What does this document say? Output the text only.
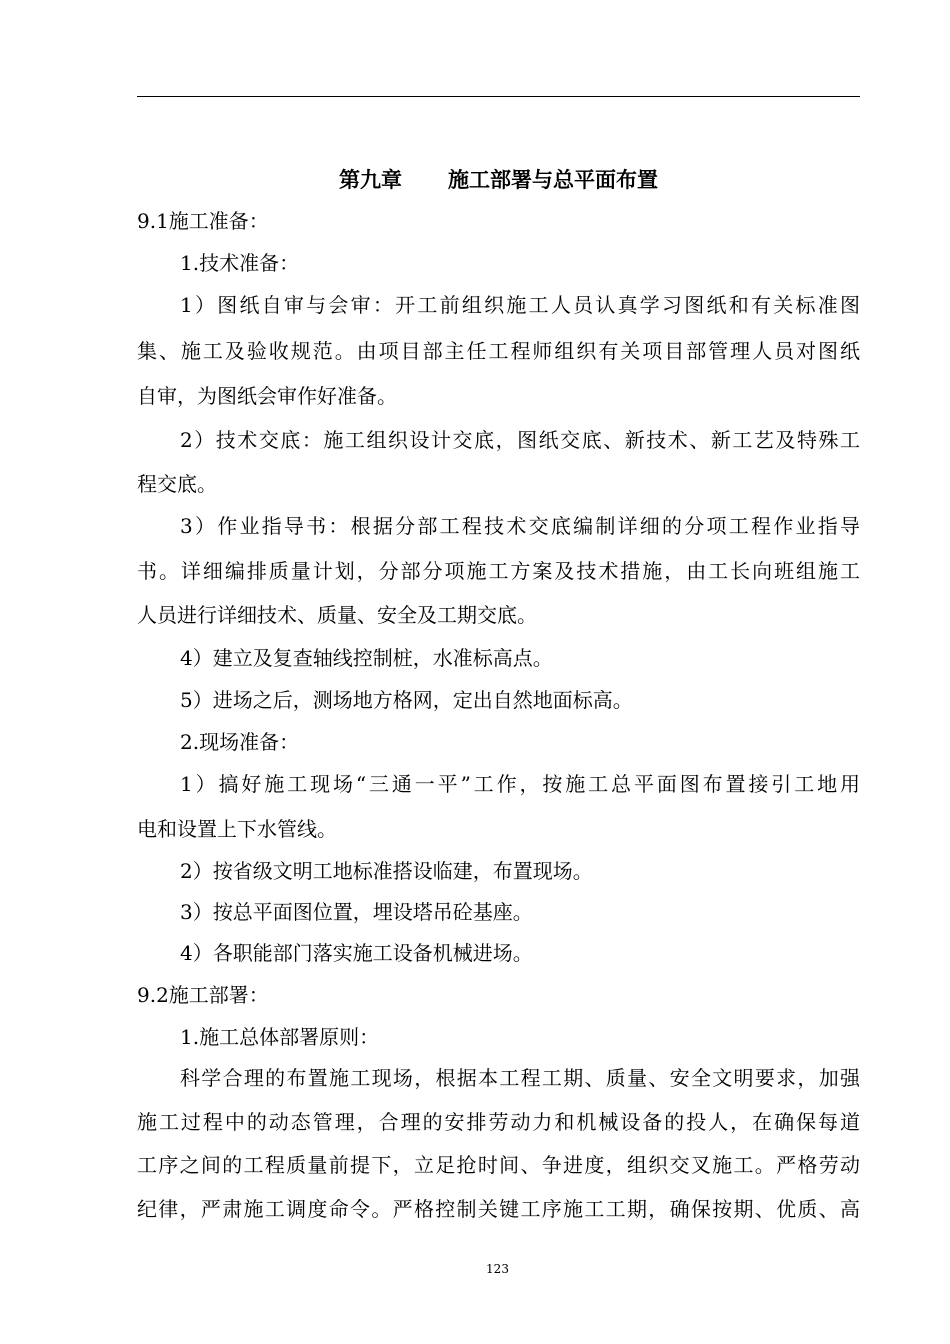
第九章 施工部署与总平面布置
9.1施工准备：
1.技术准备：
1）图纸自审与会审：开工前组织施工人员认真学习图纸和有关标准图
集、施工及验收规范。由项目部主任工程师组织有关项目部管理人员对图纸
自审，为图纸会审作好准备。
2）技术交底：施工组织设计交底，图纸交底、新技术、新工艺及特殊工
程交底。
3）作业指导书：根据分部工程技术交底编制详细的分项工程作业指导
书。详细编排质量计划，分部分项施工方案及技术措施，由工长向班组施工
人员进行详细技术、质量、安全及工期交底。
4）建立及复查轴线控制桩，水准标高点。
5）进场之后，测场地方格网，定出自然地面标高。
2.现场准备：
1）搞好施工现场“三通一平”工作，按施工总平面图布置接引工地用
电和设置上下水管线。
2）按省级文明工地标准搭设临建，布置现场。
3）按总平面图位置，埋设塔吊砼基座。
4）各职能部门落实施工设备机械进场。
9.2施工部署：
1.施工总体部署原则：
科学合理的布置施工现场，根据本工程工期、质量、安全文明要求，加强
施工过程中的动态管理，合理的安排劳动力和机械设备的投人，在确保每道
工序之间的工程质量前提下，立足抢时间、争进度，组织交叉施工。严格劳动
纪律，严肃施工调度命令。严格控制关键工序施工工期，确保按期、优质、高
123
